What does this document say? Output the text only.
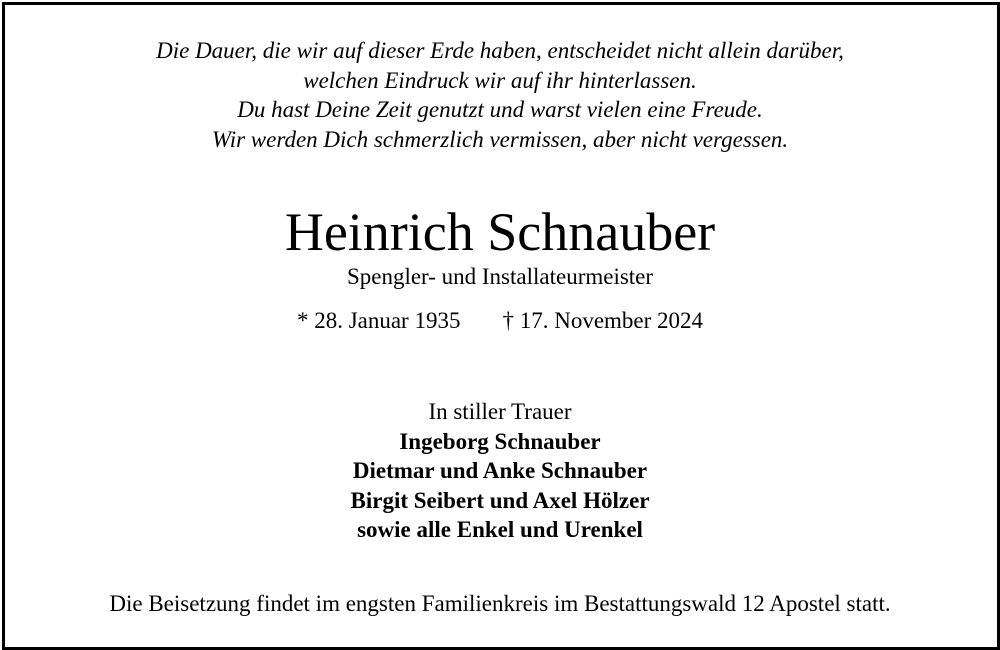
Die Dauer, die wir auf dieser Erde haben, entscheidet nicht allein darüber,
welchen Eindruck wir auf ihr hinterlassen.
Du hast Deine Zeit genutzt und warst vielen eine Freude.
Wir werden Dich schmerzlich vermissen, aber nicht vergessen.
Heinrich Schnauber
Spengler- und Installateurmeister
* 28. Januar 1935 † 17. November 2024
In stiller Trauer
Ingeborg Schnauber
Dietmar und Anke Schnauber
Birgit Seibert und Axel Hölzer
sowie alle Enkel und Urenkel
Die Beisetzung findet im engsten Familienkreis im Bestattungswald 12 Apostel statt.
